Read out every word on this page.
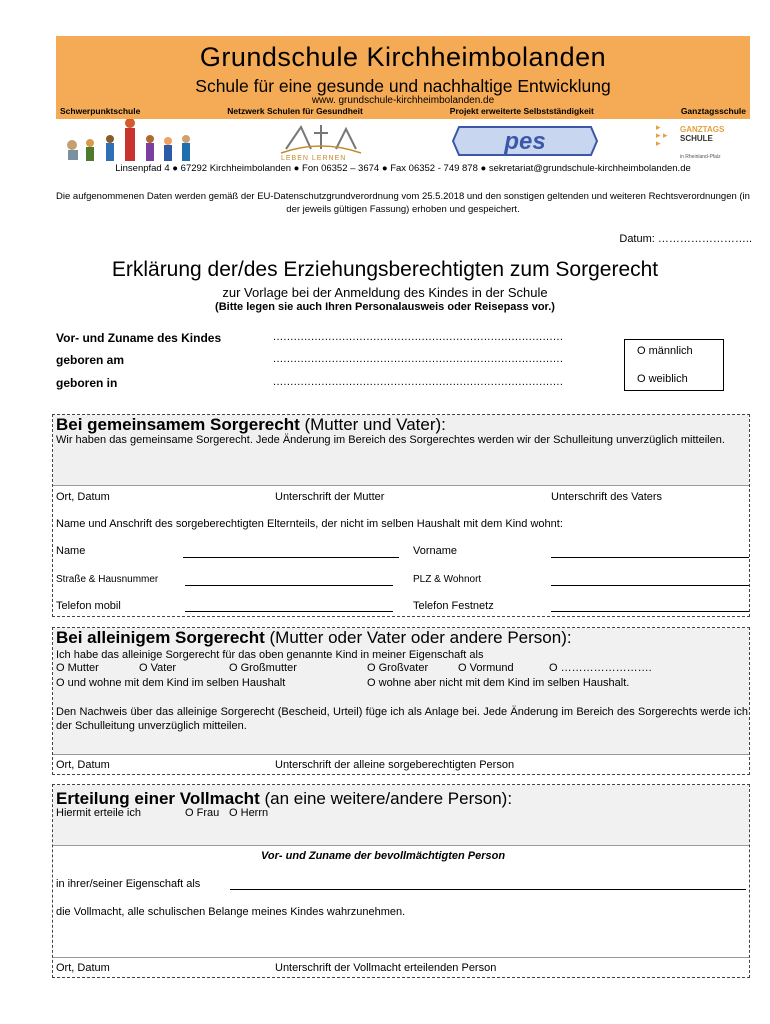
Grundschule Kirchheimbolanden
Schule für eine gesunde und nachhaltige Entwicklung
www. grundschule-kirchheimbolanden.de
Schwerpunktschule	Netzwerk Schulen für Gesundheit	Projekt erweiterte Selbstständigkeit	Ganztagsschule
LEBEN LERNEN
pes
▸
▸ ▸
▸
GANZTAGS
SCHULE
in Rheinland-Pfalz
Linsenpfad 4 ● 67292 Kirchheimbolanden ● Fon 06352 – 3674 ● Fax 06352 - 749 878 ● sekretariat@grundschule-kirchheimbolanden.de
Die aufgenommenen Daten werden gemäß der EU-Datenschutzgrundverordnung vom 25.5.2018 und den sonstigen geltenden und weiteren Rechtsverordnungen (in der jeweils gültigen Fassung) erhoben und gespeichert.
Datum: ……………………..
Erklärung der/des Erziehungsberechtigten zum Sorgerecht
zur Vorlage bei der Anmeldung des Kindes in der Schule
(Bitte legen sie auch Ihren Personalausweis oder Reisepass vor.)
Vor- und Zuname des Kindes	....................................................................................
geboren am	....................................................................................
geboren in	....................................................................................
O männlich
O weiblich
Bei gemeinsamem Sorgerecht (Mutter und Vater):
Wir haben das gemeinsame Sorgerecht. Jede Änderung im Bereich des Sorgerechtes werden wir der Schulleitung unverzüglich mitteilen.
Ort, Datum	Unterschrift der Mutter	Unterschrift des Vaters
Name und Anschrift des sorgeberechtigten Elternteils, der nicht im selben Haushalt mit dem Kind wohnt:
Name	Vorname
Straße & Hausnummer	PLZ & Wohnort
Telefon mobil	Telefon Festnetz
Bei alleinigem Sorgerecht (Mutter oder Vater oder andere Person):
Ich habe das alleinige Sorgerecht für das oben genannte Kind in meiner Eigenschaft als
O Mutter	O Vater	O Großmutter	O Großvater	O Vormund	O …………………….
O und wohne mit dem Kind im selben Haushalt	O wohne aber nicht mit dem Kind im selben Haushalt.
Den Nachweis über das alleinige Sorgerecht (Bescheid, Urteil) füge ich als Anlage bei. Jede Änderung im Bereich des Sorgerechts werde ich der Schulleitung unverzüglich mitteilen.
Ort, Datum	Unterschrift der alleine sorgeberechtigten Person
Erteilung einer Vollmacht (an eine weitere/andere Person):
Hiermit erteile ich	O Frau	O Herrn
Vor- und Zuname der bevollmächtigten Person
in ihrer/seiner Eigenschaft als
die Vollmacht, alle schulischen Belange meines Kindes wahrzunehmen.
Ort, Datum	Unterschrift der Vollmacht erteilenden Person
